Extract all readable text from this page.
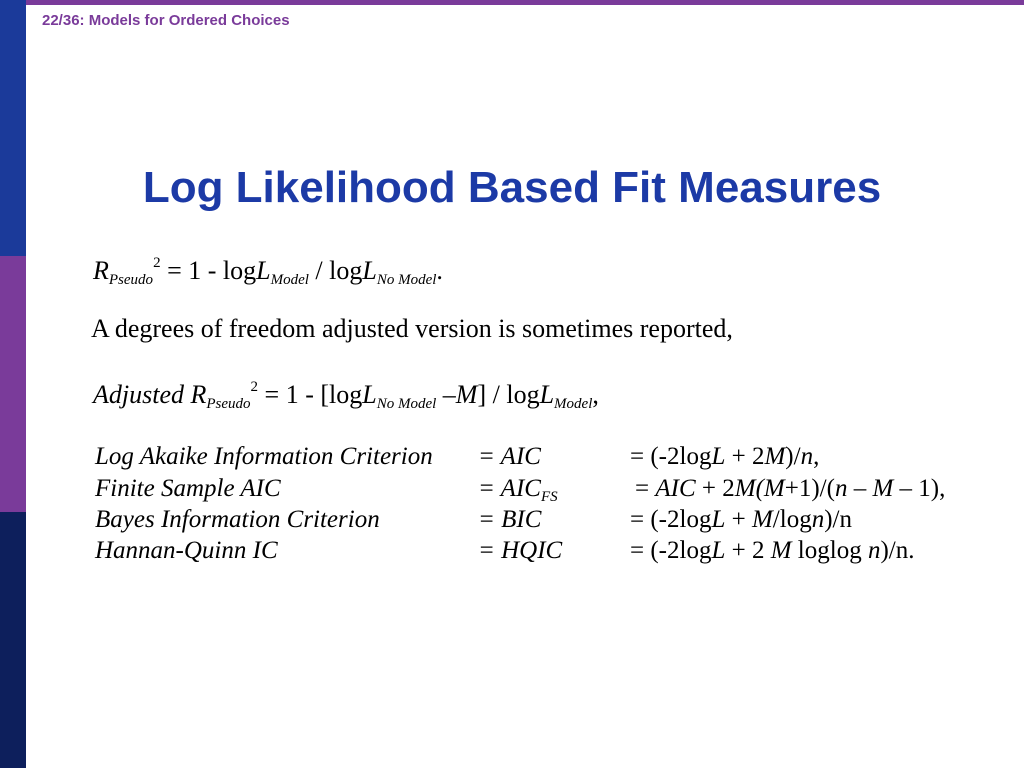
22/36: Models for Ordered Choices
Log Likelihood Based Fit Measures
$R_{Pseudo}^2 = 1 - \log L_{Model} / \log L_{No Model}$.
A degrees of freedom adjusted version is sometimes reported,
Adjusted $R_{Pseudo}^2 = 1 - [\log L_{No Model}$ –M] / logL$_{Model}$,
Log Akaike Information Criterion = AIC	= (-2logL + 2M)/n,
Finite Sample AIC	= $AIC_{FS}$	= AIC + 2M(M+1)/(n – M – 1),
Bayes Information Criterion	= BIC	= (-2logL + M/logn)/n
Hannan-Quinn IC	= HQIC	= (-2logL + 2 M loglog n)/n.
